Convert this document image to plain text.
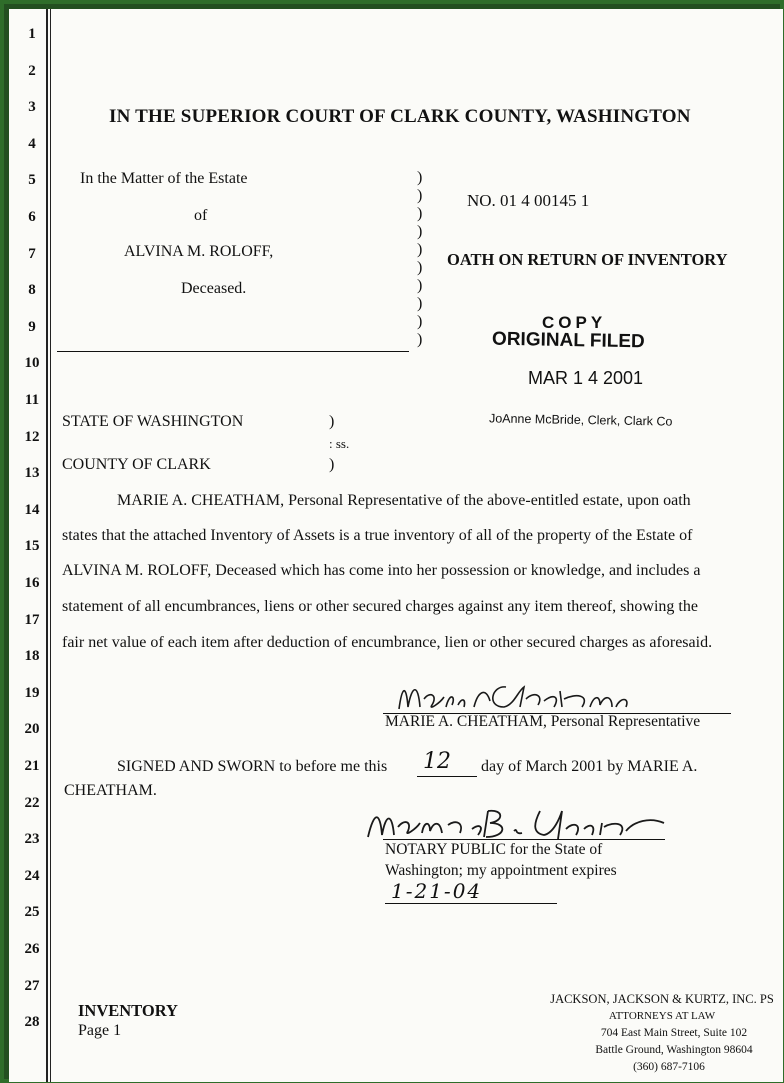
1
2
3
4
5
6
7
8
9
10
11
12
13
14
15
16
17
18
19
20
21
22
23
24
25
26
27
28
IN THE SUPERIOR COURT OF CLARK COUNTY, WASHINGTON
In the Matter of the Estate
of
ALVINA M. ROLOFF,
Deceased.
)
)
)
)
)
)
)
)
)
)
NO. 01 4 00145 1
OATH ON RETURN OF INVENTORY
COPY
ORIGINAL FILED
MAR 1 4 2001
JoAnne McBride, Clerk, Clark Co
STATE OF WASHINGTON	)
: ss.
COUNTY OF CLARK	)
MARIE A. CHEATHAM, Personal Representative of the above-entitled estate, upon oath
states that the attached Inventory of Assets is a true inventory of all of the property of the Estate of
ALVINA M. ROLOFF, Deceased which has come into her possession or knowledge, and includes a
statement of all encumbrances, liens or other secured charges against any item thereof, showing the
fair net value of each item after deduction of encumbrance, lien or other secured charges as aforesaid.
MARIE A. CHEATHAM, Personal Representative
SIGNED AND SWORN to before me this 12 day of March 2001 by MARIE A.
CHEATHAM.
NOTARY PUBLIC for the State of
Washington; my appointment expires
1-21-04
INVENTORY
Page 1
JACKSON, JACKSON & KURTZ, INC. PS
ATTORNEYS AT LAW
704 East Main Street, Suite 102
Battle Ground, Washington 98604
(360) 687-7106
